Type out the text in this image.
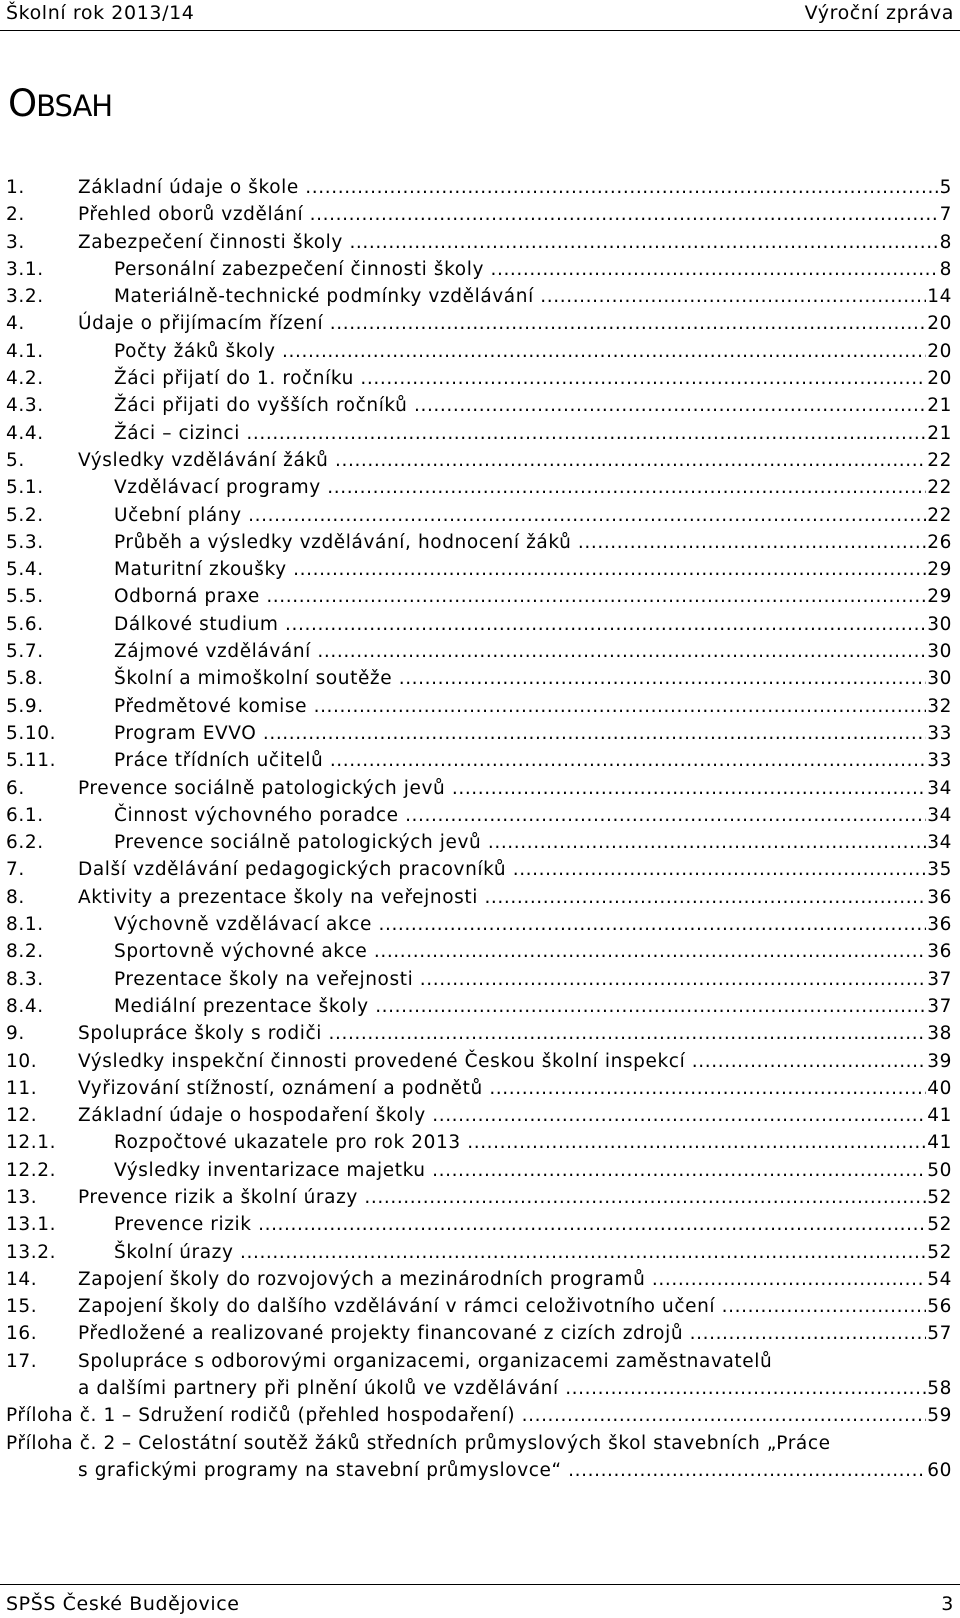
Školní rok 2013/14	Výroční zpráva
OBSAH
1.	Základní údaje o škole .....	5
2.	Přehled oborů vzdělání .....	7
3.	Zabezpečení činnosti školy .....	8
3.1.	Personální zabezpečení činnosti školy .....	8
3.2.	Materiálně-technické podmínky vzdělávání .....	14
4.	Údaje o přijímacím řízení .....	20
4.1.	Počty žáků školy .....	20
4.2.	Žáci přijatí do 1. ročníku .....	20
4.3.	Žáci přijati do vyšších ročníků .....	21
4.4.	Žáci – cizinci .....	21
5.	Výsledky vzdělávání žáků .....	22
5.1.	Vzdělávací programy .....	22
5.2.	Učební plány .....	22
5.3.	Průběh a výsledky vzdělávání, hodnocení žáků .....	26
5.4.	Maturitní zkoušky .....	29
5.5.	Odborná praxe .....	29
5.6.	Dálkové studium .....	30
5.7.	Zájmové vzdělávání .....	30
5.8.	Školní a mimoškolní soutěže .....	30
5.9.	Předmětové komise .....	32
5.10.	Program EVVO .....	33
5.11.	Práce třídních učitelů .....	33
6.	Prevence sociálně patologických jevů .....	34
6.1.	Činnost výchovného poradce .....	34
6.2.	Prevence sociálně patologických jevů .....	34
7.	Další vzdělávání pedagogických pracovníků .....	35
8.	Aktivity a prezentace školy na veřejnosti .....	36
8.1.	Výchovně vzdělávací akce .....	36
8.2.	Sportovně výchovné akce .....	36
8.3.	Prezentace školy na veřejnosti .....	37
8.4.	Mediální prezentace školy .....	37
9.	Spolupráce školy s rodiči .....	38
10.	Výsledky inspekční činnosti provedené Českou školní inspekcí .....	39
11.	Vyřizování stížností, oznámení a podnětů .....	40
12.	Základní údaje o hospodaření školy .....	41
12.1.	Rozpočtové ukazatele pro rok 2013 .....	41
12.2.	Výsledky inventarizace majetku .....	50
13.	Prevence rizik a školní úrazy .....	52
13.1.	Prevence rizik .....	52
13.2.	Školní úrazy .....	52
14.	Zapojení školy do rozvojových a mezinárodních programů .....	54
15.	Zapojení školy do dalšího vzdělávání v rámci celoživotního učení .....	56
16.	Předložené a realizované projekty financované z cizích zdrojů .....	57
17.	Spolupráce s odborovými organizacemi, organizacemi zaměstnavatelů
a dalšími partnery při plnění úkolů ve vzdělávání .....	58
Příloha č. 1 – Sdružení rodičů (přehled hospodaření) .....	59
Příloha č. 2 – Celostátní soutěž žáků středních průmyslových škol stavebních „Práce
s grafickými programy na stavební průmyslovce“ .....	60
SPŠS České Budějovice	3
